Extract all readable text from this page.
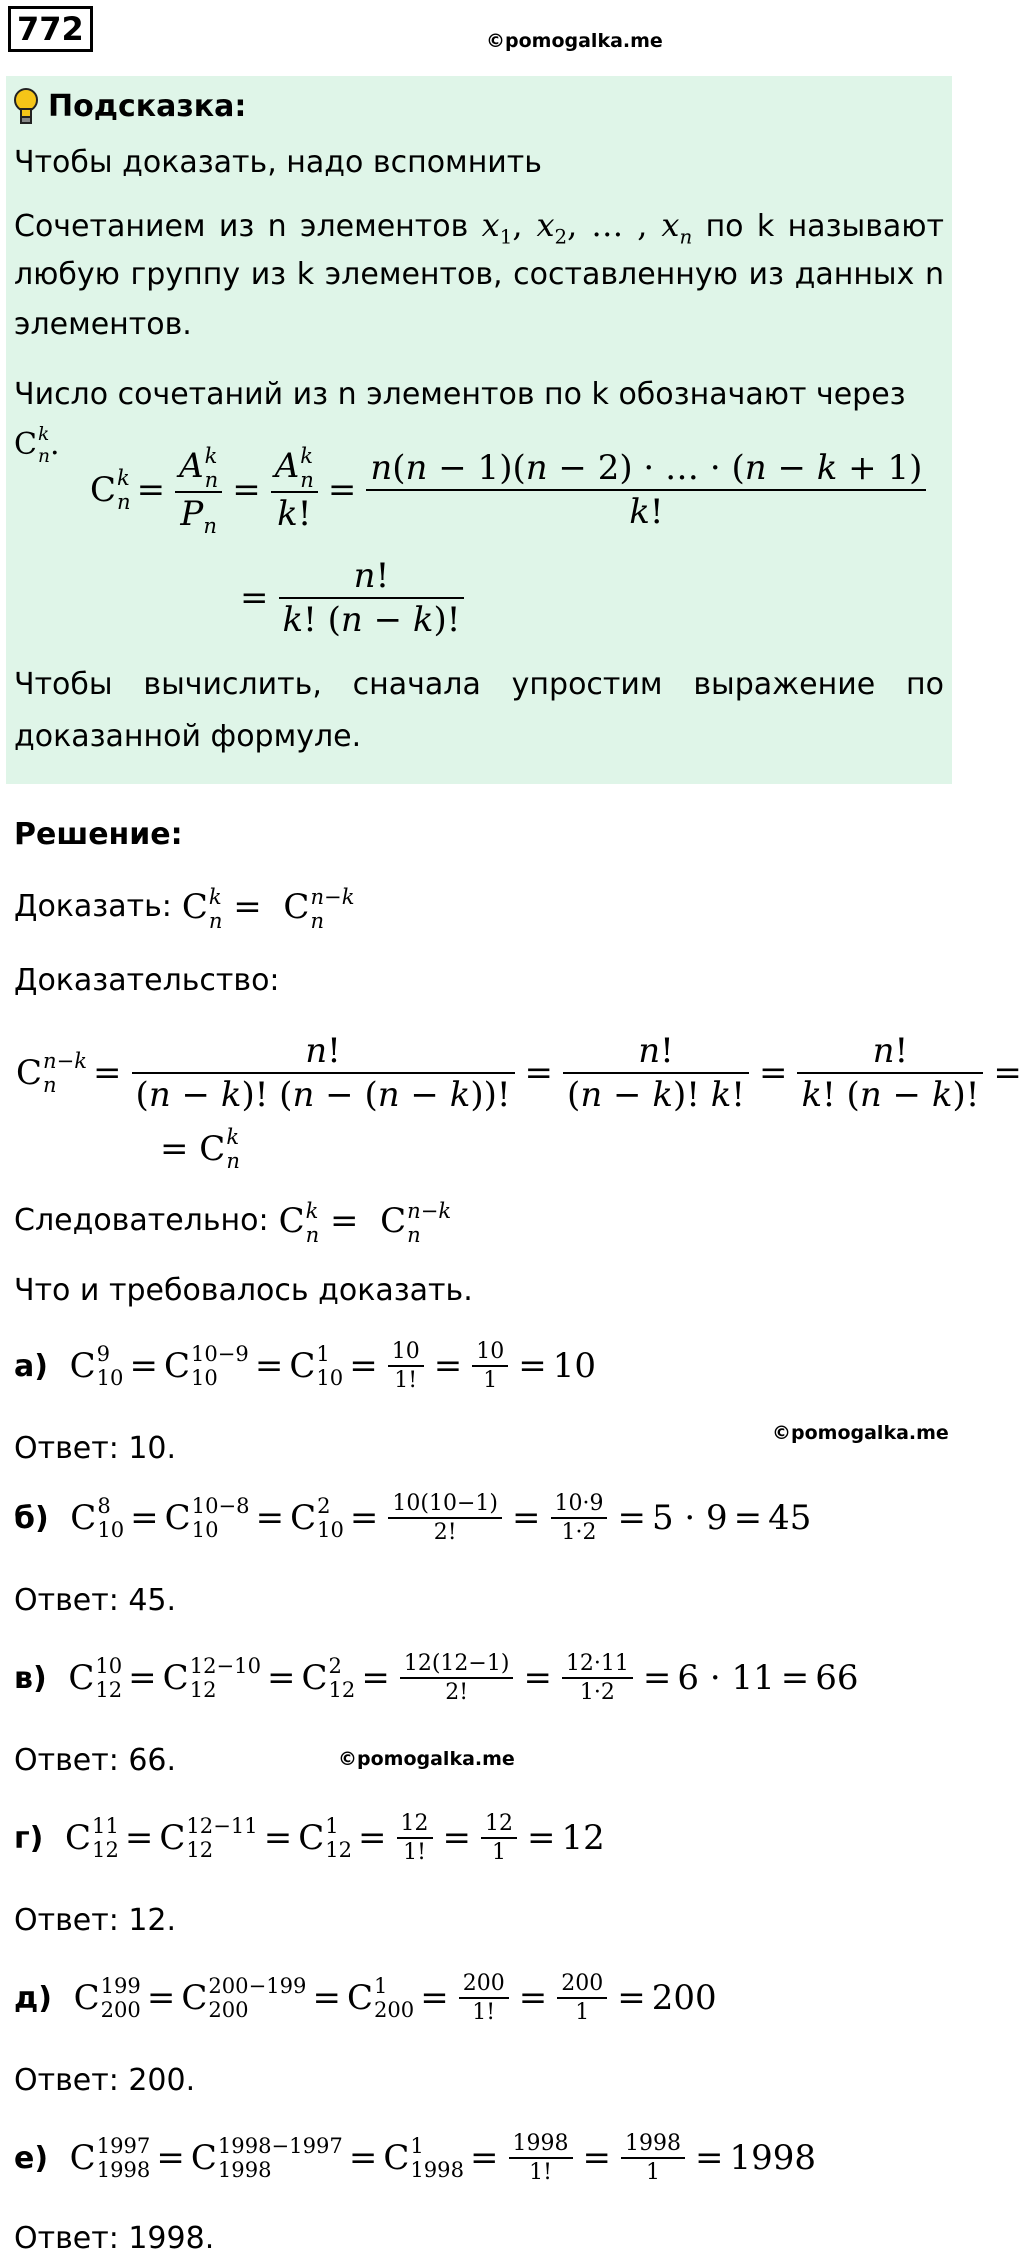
772	©pomogalka.me
Подсказка:
Чтобы доказать, надо вспомнить
Сочетанием из n элементов $x_1$, $x_2$, … , $x_n$ по k называют
любую группу из k элементов, составленную из данных n
элементов.
Число сочетаний из n элементов по k обозначают через C k
n .
C k
n =
A k
n
$P_n$
=
A k
n
k!
= $\frac{n(n - 1)(n - 2) \cdot \dots \cdot (n - k + 1)}{k!}$
= $\frac{n!}{k! (n - k)!}$
Чтобы вычислить, сначала упростим выражение по
доказанной формуле.
Решение:
Доказать: C k
n =  C n−k
n
Доказательство:
C n−k
n	= $\frac{n!}{(n - k)! (n - (n - k))!} = \frac{n!}{(n - k)! k!} = \frac{n!}{k! (n - k)!}$ =
= C k
n
Следовательно: C k
n =  C n−k
n
Что и требовалось доказать.
а) C 9
10 = C 10−9
10	= C 1
$10 = \frac{10}{1!} = \frac{10}{1} = 10$
Ответ: 10.	©pomogalka.me
б) C 8
10 = C 10−8
10	= C 2
$10 = \frac{10(10-1)}{2!} = \frac{10\cdot 9}{1\cdot 2} = 5 \cdot 9 = 45$
Ответ: 45.
в) C 10
12 = C 12−10
12	= C 2
$12 = \frac{12(12-1)}{2!} = \frac{12\cdot 11}{1\cdot 2} = 6 \cdot 11 = 66$
Ответ: 66.	©pomogalka.me
г) C 11
12 = C 12−11
12	= C 1
$12 = \frac{12}{1!} = \frac{12}{1} = 12$
Ответ: 12.
д) C 199
200 = C 200−199
200	= C 1
$200 = \frac{200}{1!} = \frac{200}{1} = 200$
Ответ: 200.
е) C 1997
1998 = C 1998−1997
1998	= C 1
$1998 = \frac{1998}{1!} = \frac{1998}{1} = 1998$
Ответ: 1998.
